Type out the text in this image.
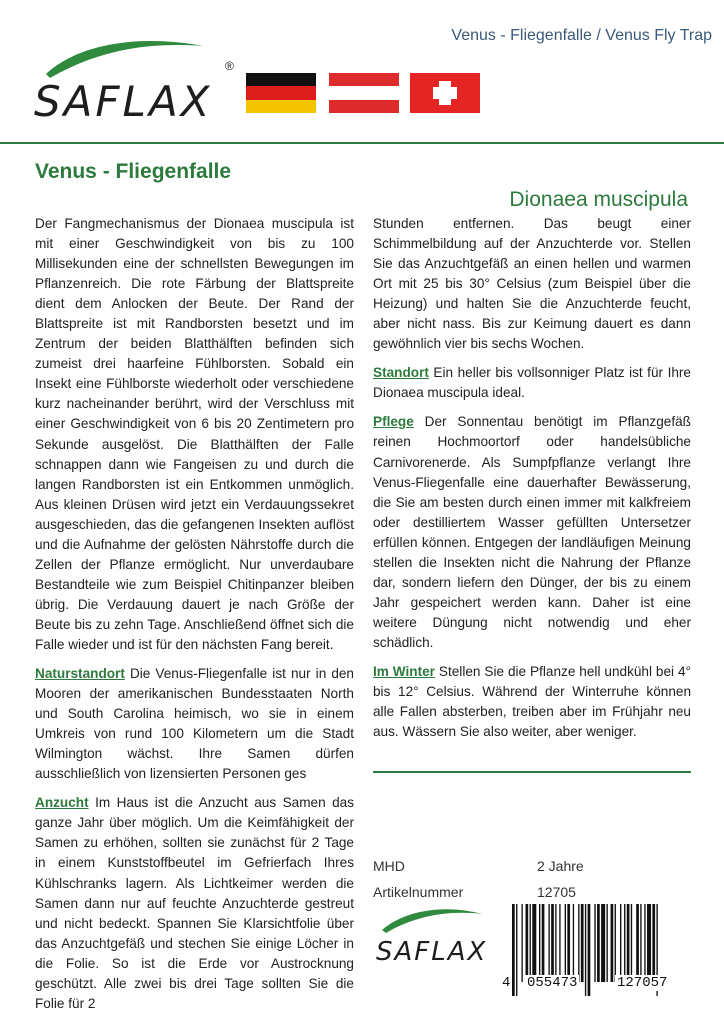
Venus - Fliegenfalle / Venus Fly Trap
SAFLAX
®
Venus - Fliegenfalle
Dionaea muscipula

Der Fangmechanismus der Dionaea muscipula ist mit einer Geschwindigkeit von bis zu 100 Millisekunden eine der schnellsten Bewegungen im Pflanzenreich. Die rote Färbung der Blattspreite dient dem Anlocken der Beute. Der Rand der Blattspreite ist mit Randborsten besetzt und im Zentrum der beiden Blatthälften befinden sich zumeist drei haarfeine Fühlborsten. Sobald ein Insekt eine Fühlborste wiederholt oder verschiedene kurz nacheinander berührt, wird der Verschluss mit einer Geschwindigkeit von 6 bis 20 Zentimetern pro Sekunde ausgelöst. Die Blatthälften der Falle schnappen dann wie Fangeisen zu und durch die langen Randborsten ist ein Entkommen unmöglich. Aus kleinen Drüsen wird jetzt ein Verdauungssekret ausgeschieden, das die gefangenen Insekten auflöst und die Aufnahme der gelösten Nährstoffe durch die Zellen der Pflanze ermöglicht. Nur unverdaubare Bestandteile wie zum Beispiel Chitinpanzer bleiben übrig. Die Verdauung dauert je nach Größe der Beute bis zu zehn Tage. Anschließend öffnet sich die Falle wieder und ist für den nächsten Fang bereit.

Naturstandort Die Venus-Fliegenfalle ist nur in den Mooren der amerikanischen Bundesstaaten North und South Carolina heimisch, wo sie in einem Umkreis von rund 100 Kilometern um die Stadt Wilmington wächst. Ihre Samen dürfen ausschließlich von lizensierten Personen ges

Anzucht Im Haus ist die Anzucht aus Samen das ganze Jahr über möglich. Um die Keimfähigkeit der Samen zu erhöhen, sollten sie zunächst für 2 Tage in einem Kunststoffbeutel im Gefrierfach Ihres Kühlschranks lagern. Als Lichtkeimer werden die Samen dann nur auf feuchte Anzuchterde gestreut und nicht bedeckt. Spannen Sie Klarsichtfolie über das Anzuchtgefäß und stechen Sie einige Löcher in die Folie. So ist die Erde vor Austrocknung geschützt. Alle zwei bis drei Tage sollten Sie die Folie für 2

Stunden entfernen. Das beugt einer Schimmelbildung auf der Anzuchterde vor. Stellen Sie das Anzuchtgefäß an einen hellen und warmen Ort mit 25 bis 30° Celsius (zum Beispiel über die Heizung) und halten Sie die Anzuchterde feucht, aber nicht nass. Bis zur Keimung dauert es dann gewöhnlich vier bis sechs Wochen.

Standort Ein heller bis vollsonniger Platz ist für Ihre Dionaea muscipula ideal.

Pflege Der Sonnentau benötigt im Pflanzgefäß reinen Hochmoortorf oder handelsübliche Carnivorenerde. Als Sumpfpflanze verlangt Ihre Venus-Fliegenfalle eine dauerhafter Bewässerung, die Sie am besten durch einen immer mit kalkfreiem oder destilliertem Wasser gefüllten Untersetzer erfüllen können. Entgegen der landläufigen Meinung stellen die Insekten nicht die Nahrung der Pflanze dar, sondern liefern den Dünger, der bis zu einem Jahr gespeichert werden kann. Daher ist eine weitere Düngung nicht notwendig und eher schädlich.

Im Winter Stellen Sie die Pflanze hell undkühl bei 4° bis 12° Celsius. Während der Winterruhe können alle Fallen absterben, treiben aber im Frühjahr neu aus. Wässern Sie also weiter, aber weniger.

MHD	2 Jahre
Artikelnummer	12705
SAFLAX
4 055473	127057
